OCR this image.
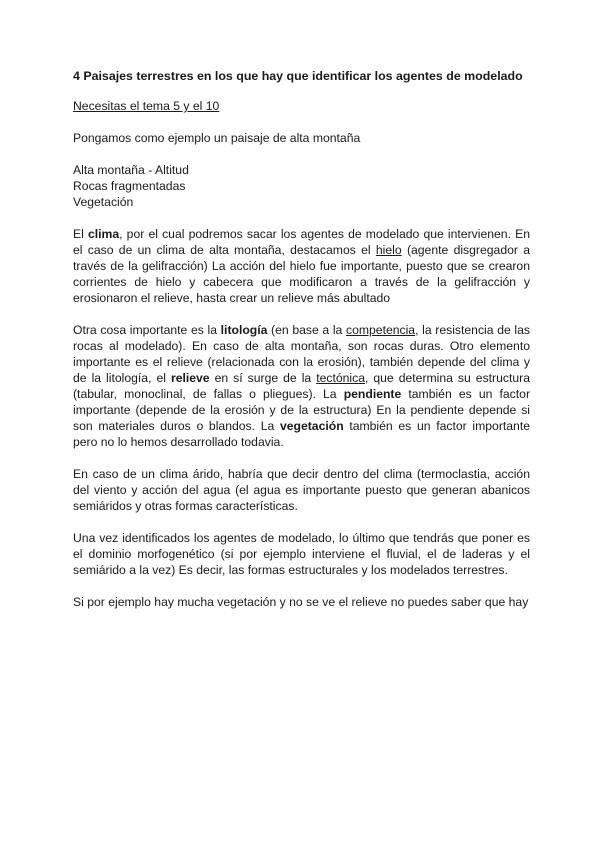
4 Paisajes terrestres en los que hay que identificar los agentes de modelado
Necesitas el tema 5 y el 10
Pongamos como ejemplo un paisaje de alta montaña
Alta montaña - Altitud
Rocas fragmentadas
Vegetación

El clima, por el cual podremos sacar los agentes de modelado que intervienen. En el caso de un clima de alta montaña, destacamos el hielo (agente disgregador a través de la gelifracción) La acción del hielo fue importante, puesto que se crearon corrientes de hielo y cabecera que modificaron a través de la gelifracción y erosionaron el relieve, hasta crear un relieve más abultado

Otra cosa importante es la litología (en base a la competencia, la resistencia de las rocas al modelado). En caso de alta montaña, son rocas duras. Otro elemento importante es el relieve (relacionada con la erosión), también depende del clima y de la litología, el relieve en sí surge de la tectónica, que determina su estructura (tabular, monoclinal, de fallas o pliegues). La pendiente también es un factor importante (depende de la erosión y de la estructura) En la pendiente depende si son materiales duros o blandos. La vegetación también es un factor importante pero no lo hemos desarrollado todavia.

En caso de un clima árido, habría que decir dentro del clima (termoclastia, acción del viento y acción del agua (el agua es importante puesto que generan abanicos semiáridos y otras formas características.

Una vez identificados los agentes de modelado, lo último que tendrás que poner es el dominio morfogenético (si por ejemplo interviene el fluvial, el de laderas y el semiárido a la vez) Es decir, las formas estructurales y los modelados terrestres.

Si por ejemplo hay mucha vegetación y no se ve el relieve no puedes saber que hay
